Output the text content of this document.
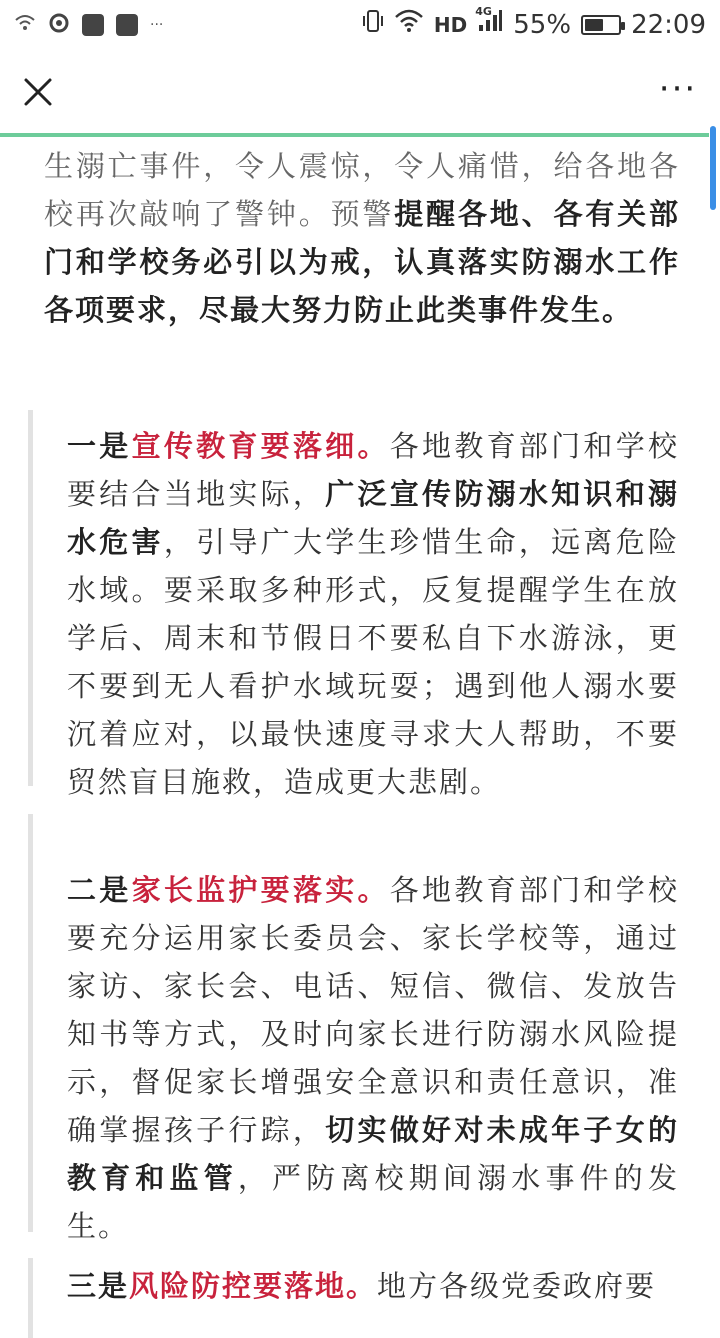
···	HD
4G 55% 22:09
···
生溺亡事件，令人震惊，令人痛惜，给各地各校再次敲响了警钟。预警提醒各地、各有关部门和学校务必引以为戒，认真落实防溺水工作各项要求，尽最大努力防止此类事件发生。
一是宣传教育要落细。各地教育部门和学校要结合当地实际，广泛宣传防溺水知识和溺水危害，引导广大学生珍惜生命，远离危险水域。要采取多种形式，反复提醒学生在放学后、周末和节假日不要私自下水游泳，更不要到无人看护水域玩耍；遇到他人溺水要沉着应对，以最快速度寻求大人帮助，不要贸然盲目施救，造成更大悲剧。
二是家长监护要落实。各地教育部门和学校要充分运用家长委员会、家长学校等，通过家访、家长会、电话、短信、微信、发放告知书等方式，及时向家长进行防溺水风险提示，督促家长增强安全意识和责任意识，准确掌握孩子行踪，切实做好对未成年子女的教育和监管，严防离校期间溺水事件的发生。
三是风险防控要落地。地方各级党委政府要
